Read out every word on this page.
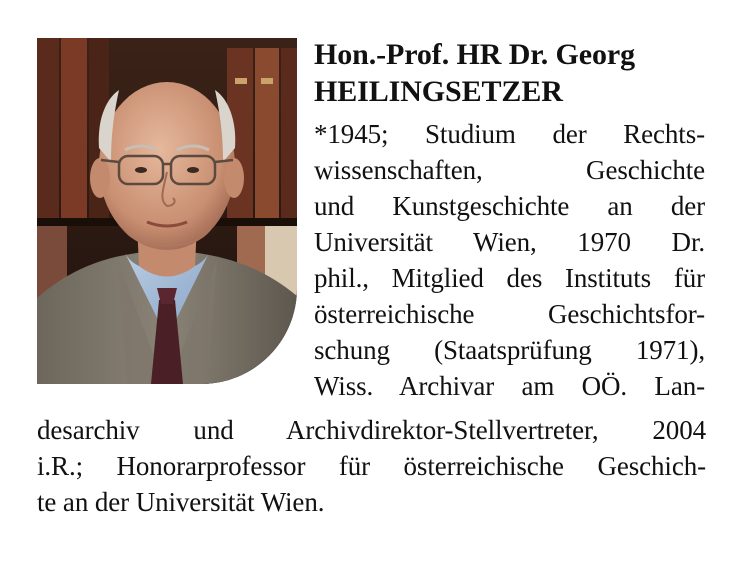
Hon.-Prof. HR Dr. Georg
HEILINGSETZER

*1945; Studium der Rechts-

wissenschaften, Geschichte

und Kunstgeschichte an der

Universität Wien, 1970 Dr.

phil., Mitglied des Instituts für

österreichische Geschichtsfor-

schung (Staatsprüfung 1971),

Wiss. Archivar am OÖ. Lan-

desarchiv und Archivdirektor-Stellvertreter, 2004

i.R.; Honorarprofessor für österreichische Geschich-

te an der Universität Wien.
